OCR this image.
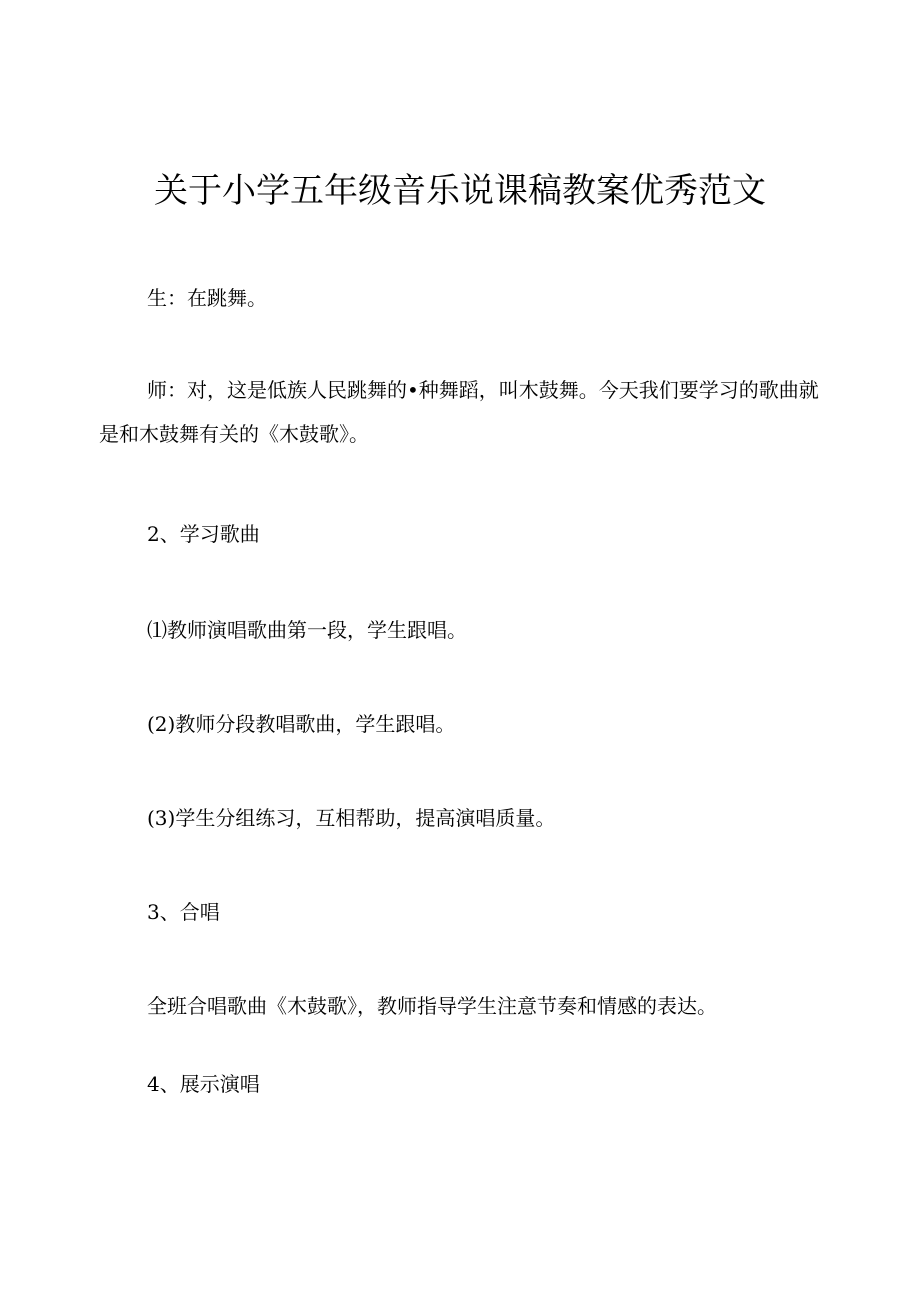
关于小学五年级音乐说课稿教案优秀范文

生：在跳舞。

师：对，这是低族人民跳舞的•种舞蹈，叫木鼓舞。今天我们要学习的歌曲就是和木鼓舞有关的《木鼓歌》。

2、学习歌曲

⑴教师演唱歌曲第一段，学生跟唱。

(2)教师分段教唱歌曲，学生跟唱。

(3)学生分组练习，互相帮助，提高演唱质量。

3、合唱

全班合唱歌曲《木鼓歌》，教师指导学生注意节奏和情感的表达。

4、展示演唱
